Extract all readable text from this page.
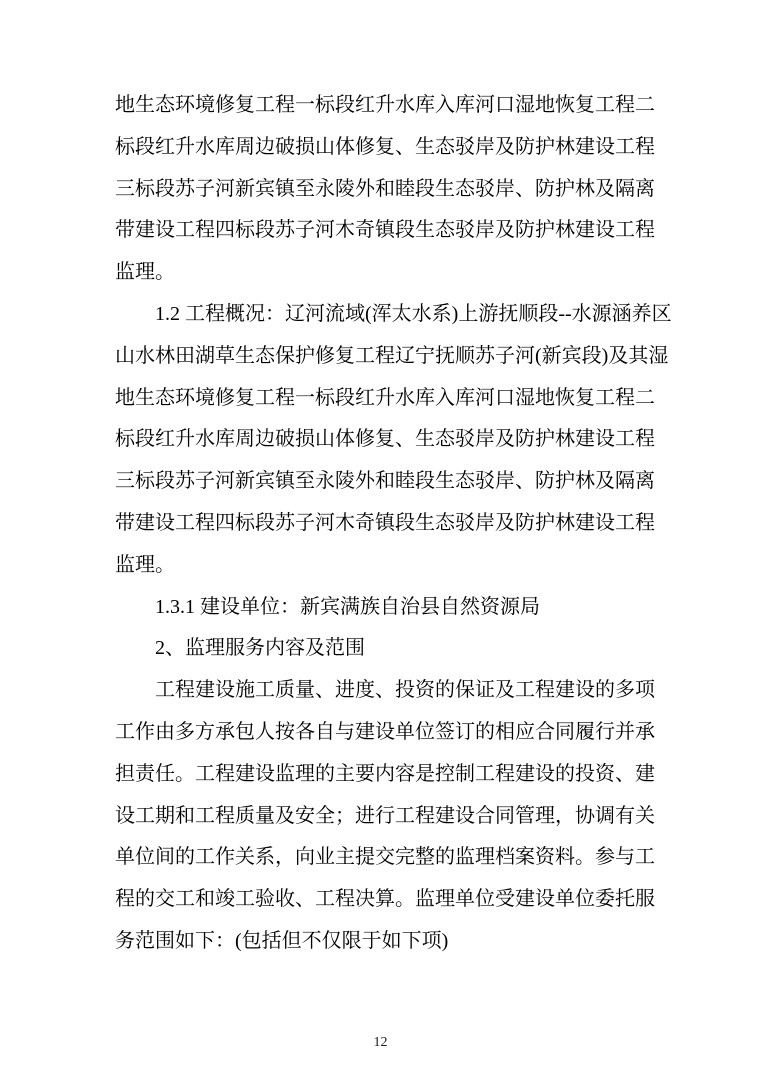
地生态环境修复工程一标段红升水库入库河口湿地恢复工程二
标段红升水库周边破损山体修复、生态驳岸及防护林建设工程
三标段苏子河新宾镇至永陵外和睦段生态驳岸、防护林及隔离
带建设工程四标段苏子河木奇镇段生态驳岸及防护林建设工程
监理。
1.2 工程概况：辽河流域(浑太水系)上游抚顺段--水源涵养区
山水林田湖草生态保护修复工程辽宁抚顺苏子河(新宾段)及其湿
地生态环境修复工程一标段红升水库入库河口湿地恢复工程二
标段红升水库周边破损山体修复、生态驳岸及防护林建设工程
三标段苏子河新宾镇至永陵外和睦段生态驳岸、防护林及隔离
带建设工程四标段苏子河木奇镇段生态驳岸及防护林建设工程
监理。
1.3.1 建设单位：新宾满族自治县自然资源局
2、监理服务内容及范围
工程建设施工质量、进度、投资的保证及工程建设的多项
工作由多方承包人按各自与建设单位签订的相应合同履行并承
担责任。工程建设监理的主要内容是控制工程建设的投资、建
设工期和工程质量及安全；进行工程建设合同管理，协调有关
单位间的工作关系，向业主提交完整的监理档案资料。参与工
程的交工和竣工验收、工程决算。监理单位受建设单位委托服
务范围如下：(包括但不仅限于如下项)
12
